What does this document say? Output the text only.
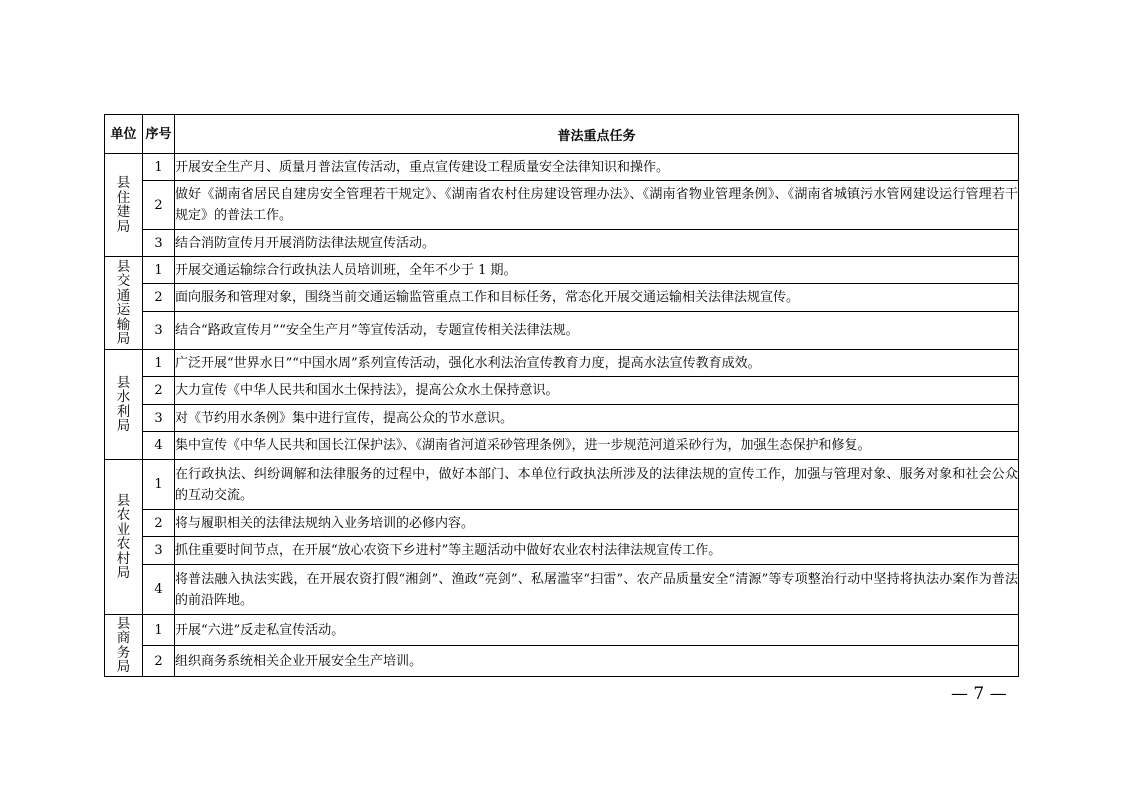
单位	序号	普法重点任务

县住建局	1	开展安全生产月、质量月普法宣传活动，重点宣传建设工程质量安全法律知识和操作。
	2	做好《湖南省居民自建房安全管理若干规定》、《湖南省农村住房建设管理办法》、《湖南省物业管理条例》、《湖南省城镇污水管网建设运行管理若干规定》的普法工作。
	3	结合消防宣传月开展消防法律法规宣传活动。
县交通运输局	1	开展交通运输综合行政执法人员培训班，全年不少于 1 期。
	2	面向服务和管理对象，围绕当前交通运输监管重点工作和目标任务，常态化开展交通运输相关法律法规宣传。
	3	结合“路政宣传月”“安全生产月”等宣传活动，专题宣传相关法律法规。
县水利局	1	广泛开展“世界水日”“中国水周”系列宣传活动，强化水利法治宣传教育力度，提高水法宣传教育成效。
	2	大力宣传《中华人民共和国水土保持法》，提高公众水土保持意识。
	3	对《节约用水条例》集中进行宣传，提高公众的节水意识。
	4	集中宣传《中华人民共和国长江保护法》、《湖南省河道采砂管理条例》，进一步规范河道采砂行为，加强生态保护和修复。
县农业农村局	1	在行政执法、纠纷调解和法律服务的过程中，做好本部门、本单位行政执法所涉及的法律法规的宣传工作，加强与管理对象、服务对象和社会公众的互动交流。
	2	将与履职相关的法律法规纳入业务培训的必修内容。
	3	抓住重要时间节点，在开展“放心农资下乡进村”等主题活动中做好农业农村法律法规宣传工作。
	4	将普法融入执法实践，在开展农资打假“湘剑”、渔政“亮剑”、私屠滥宰“扫雷”、农产品质量安全“清源”等专项整治行动中坚持将执法办案作为普法的前沿阵地。
县商务局	1	开展“六进”反走私宣传活动。
	2	组织商务系统相关企业开展安全生产培训。
— 7 —
